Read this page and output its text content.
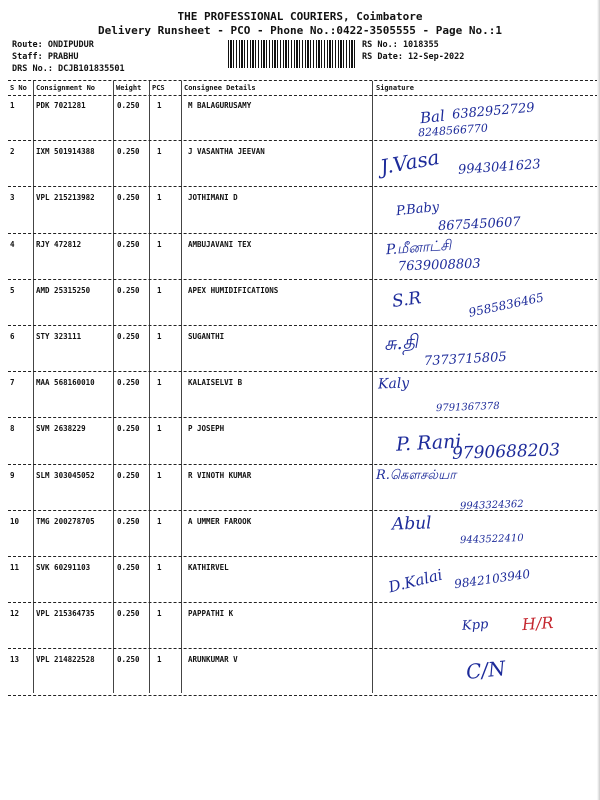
THE PROFESSIONAL COURIERS, Coimbatore
Delivery Runsheet - PCO - Phone No.:0422-3505555 - Page No.:1
Route: ONDIPUDUR
Staff: PRABHU
DRS No.: DCJB101835501
RS No.: 1018355
RS Date: 12-Sep-2022
S No Consignment No	Weight PCS	Consignee Details	Signature
1	PDK 7021281	0.250 1	M BALAGURUSAMY
Bal 6382952729
8248566770
2	IXM 501914388	0.250 1	J VASANTHA JEEVAN	J.Vasa 9943041623
3	VPL 215213982	0.250 1	JOTHIMANI D
P.Baby
8675450607
4	RJY 472812	0.250 1	AMBUJAVANI TEX	P.மீனாட்சி
7639008803
5	AMD 25315250	0.250 1	APEX HUMIDIFICATIONS	S.R	9585836465
6	STY 323111	0.250 1	SUGANTHI	சு.தி
7373715805
7	MAA 568160010	0.250 1	KALAISELVI B	Kaly
9791367378
8	SVM 2638229	0.250 1	P JOSEPH
P. Rani
9790688203
9	SLM 303045052	0.250 1	R VINOTH KUMAR	R.கௌசல்யா
9943324362
10 TMG 200278705	0.250 1	A UMMER FAROOK	Abul
9443522410
11 SVK 60291103	0.250 1	KATHIRVEL	D.Kalai 9842103940
12 VPL 215364735	0.250 1	PAPPATHI K
Kpp H/R
13 VPL 214822528	0.250 1	ARUNKUMAR V	C/N
